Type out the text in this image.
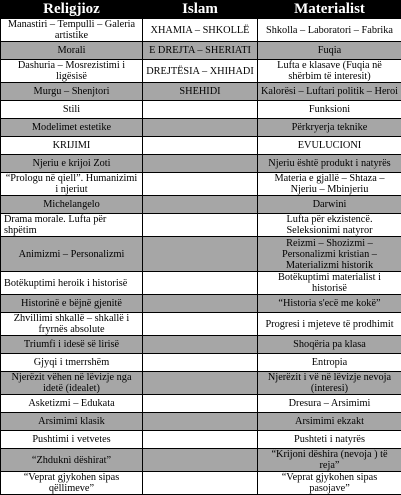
Religjioz	Islam	Materialist
Manastiri – Tempulli – Galeria artistike	XHAMIA – SHKOLLË	Shkolla – Laboratori – Fabrika
Morali	E DREJTA – SHERIATI	Fuqia
Dashuria – Mosrezistimi i ligësisë	DREJTËSIA – XHIHADI	Lufta e klasave (Fuqia në shërbim të interesit)
Murgu – Shenjtori	SHEHIDI	Kalorësi – Luftari politik – Heroi
Stili		Funksioni
Modelimet estetike		Përkryerja teknike
KRIJIMI		EVULUCIONI
Njeriu e krijoi Zoti		Njeriu është produkt i natyrës
“Prologu në qiell”. Humanizimi i njeriut		Materia e gjallë – Shtaza – Njeriu – Mbinjeriu
Michelangelo		Darwini
Drama morale. Lufta për shpëtim		Lufta për ekzistencë. Seleksionimi natyror
Animizmi – Personalizmi		Reizmi – Shozizmi – Personalizmi kristian – Materializmi historik
Botëkuptimi heroik i historisë		Botëkuptimi materialist i historisë
Historinë e bëjnë gjenitë		“Historia s'ecë me kokë”
Zhvillimi shkallë – shkallë i fryrnës absolute		Progresi i mjeteve të prodhimit
Triumfi i idesë së lirisë		Shoqëria pa klasa
Gjyqi i tmerrshëm		Entropia
Njerëzit vëhen në lëvizje nga idetë (idealet)		Njerëzit i vë në lëvizje nevoja (interesi)
Asketizmi – Edukata		Dresura – Arsimimi
Arsimimi klasik		Arsimimi ekzakt
Pushtimi i vetvetes		Pushteti i natyrës
“Zhduknì dëshirat”		“Krijoni dëshira (nevoja ) të reja”
“Veprat gjykohen sipas qëllimeve”		“Veprat gjykohen sipas pasojave”
